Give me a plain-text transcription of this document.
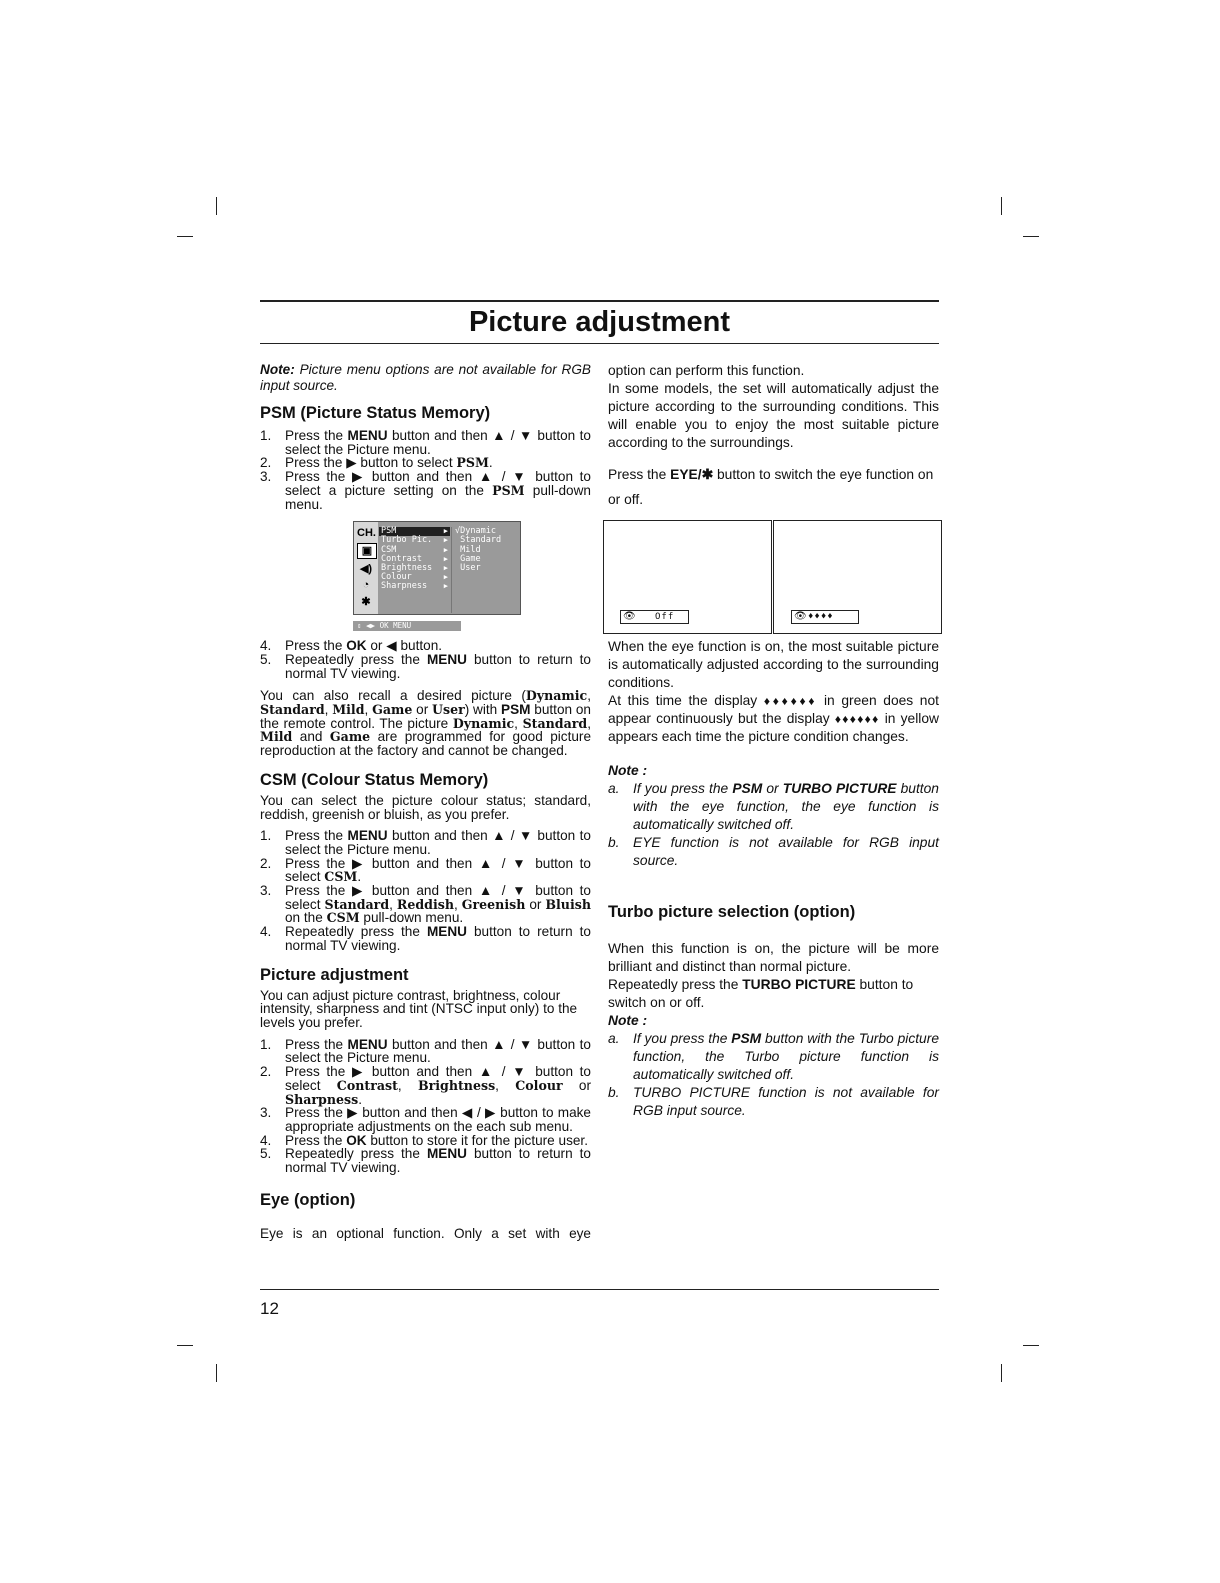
Picture adjustment

Note: Picture menu options are not available for RGB input source.

PSM (Picture Status Memory)
1. Press the MENU button and then ▲ / ▼ button to select the Picture menu.
2. Press the ▶ button to select PSM.
3. Press the ▶ button and then ▲ / ▼ button to select a picture setting on the PSM pull-down menu.
CH.
▣
◀)
◔
✱
PSM	▶
Turbo Pic. ▶
CSM	▶
Contrast	▶
Brightness ▶
Colour	▶
Sharpness ▶
√Dynamic
Standard
Mild
Game
User
⇕ ◀▶ OK MENU
4. Press the OK or ◀ button.
5. Repeatedly press the MENU button to return to normal TV viewing.

You can also recall a desired picture (Dynamic, Standard, Mild, Game or User) with PSM button on the remote control. The picture Dynamic, Standard, Mild and Game are programmed for good picture reproduction at the factory and cannot be changed.

CSM (Colour Status Memory)

You can select the picture colour status; standard, reddish, greenish or bluish, as you prefer.

1. Press the MENU button and then ▲ / ▼ button to select the Picture menu.
2. Press the ▶ button and then ▲ / ▼ button to select CSM.
3. Press the ▶ button and then ▲ / ▼ button to select Standard, Reddish, Greenish or Bluish on the CSM pull-down menu.
4. Repeatedly press the MENU button to return to normal TV viewing.
Picture adjustment

You can adjust picture contrast, brightness, colour intensity, sharpness and tint (NTSC input only) to the levels you prefer.

1. Press the MENU button and then ▲ / ▼ button to select the Picture menu.
2. Press the ▶ button and then ▲ / ▼ button to select Contrast, Brightness, Colour or Sharpness.
3. Press the ▶ button and then ◀ / ▶ button to make appropriate adjustments on the each sub menu.
4. Press the OK button to store it for the picture user.
5. Repeatedly press the MENU button to return to normal TV viewing.
Eye (option)

Eye is an optional function. Only a set with eye

option can perform this function.

In some models, the set will automatically adjust the picture according to the surrounding conditions. This will enable you to enjoy the most suitable picture according to the surroundings.

Press the EYE/✱ button to switch the eye function on or off.

👁 Off	👁 ♦♦♦♦

When the eye function is on, the most suitable picture is automatically adjusted according to the surrounding conditions.

At this time the display ♦♦♦♦♦♦ in green does not appear continuously but the display ♦♦♦♦♦♦ in yellow appears each time the picture condition changes.

Note :

a. If you press the PSM or TURBO PICTURE button with the eye function, the eye function is automatically switched off.
b. EYE function is not available for RGB input source.
Turbo picture selection (option)

When this function is on, the picture will be more brilliant and distinct than normal picture.

Repeatedly press the TURBO PICTURE button to switch on or off.

Note :

a. If you press the PSM button with the Turbo picture function, the Turbo picture function is automatically switched off.
b. TURBO PICTURE function is not available for RGB input source.
12
